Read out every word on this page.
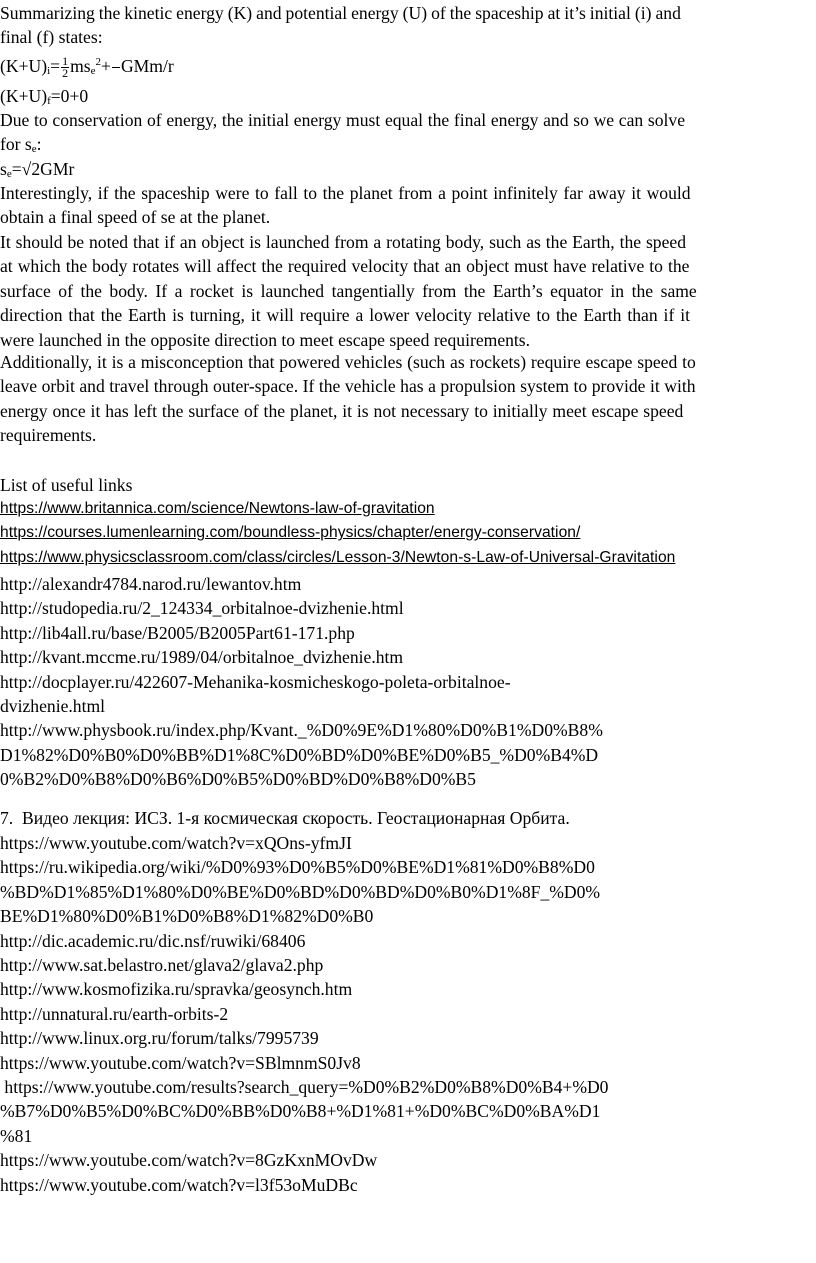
Summarizing the kinetic energy (K) and potential energy (U) of the spaceship at it’s initial (i) and
final (f) states:
$(K+U)i= \frac{1}{2} mse^2+ GMm/r$
(K+U)f=0+0
Due to conservation of energy, the initial energy must equal the final energy and so we can solve
for se:
se=√2GMr
Interestingly, if the spaceship were to fall to the planet from a point infinitely far away it would
obtain a final speed of se at the planet.
It should be noted that if an object is launched from a rotating body, such as the Earth, the speed
at which the body rotates will affect the required velocity that an object must have relative to the
surface of the body. If a rocket is launched tangentially from the Earth’s equator in the same
direction that the Earth is turning, it will require a lower velocity relative to the Earth than if it
were launched in the opposite direction to meet escape speed requirements.
Additionally, it is a misconception that powered vehicles (such as rockets) require escape speed to
leave orbit and travel through outer-space. If the vehicle has a propulsion system to provide it with
energy once it has left the surface of the planet, it is not necessary to initially meet escape speed
requirements.
List of useful links
https://www.britannica.com/science/Newtons-law-of-gravitation
https://courses.lumenlearning.com/boundless-physics/chapter/energy-conservation/
https://www.physicsclassroom.com/class/circles/Lesson-3/Newton-s-Law-of-Universal-Gravitation
http://alexandr4784.narod.ru/lewantov.htm
http://studopedia.ru/2_124334_orbitalnoe-dvizhenie.html
http://lib4all.ru/base/B2005/B2005Part61-171.php
http://kvant.mccme.ru/1989/04/orbitalnoe_dvizhenie.htm
http://docplayer.ru/422607-Mehanika-kosmicheskogo-poleta-orbitalnoe-
dvizhenie.html
http://www.physbook.ru/index.php/Kvant._%D0%9E%D1%80%D0%B1%D0%B8%
D1%82%D0%B0%D0%BB%D1%8C%D0%BD%D0%BE%D0%B5_%D0%B4%D
0%B2%D0%B8%D0%B6%D0%B5%D0%BD%D0%B8%D0%B5
7. Видео лекция: ИСЗ. 1-я космическая скорость. Геостационарная Орбита.
https://www.youtube.com/watch?v=xQOns-yfmJI
https://ru.wikipedia.org/wiki/%D0%93%D0%B5%D0%BE%D1%81%D0%B8%D0
%BD%D1%85%D1%80%D0%BE%D0%BD%D0%BD%D0%B0%D1%8F_%D0%
BE%D1%80%D0%B1%D0%B8%D1%82%D0%B0
http://dic.academic.ru/dic.nsf/ruwiki/68406
http://www.sat.belastro.net/glava2/glava2.php
http://www.kosmofizika.ru/spravka/geosynch.htm
http://unnatural.ru/earth-orbits-2
http://www.linux.org.ru/forum/talks/7995739
https://www.youtube.com/watch?v=SBlmnmS0Jv8
https://www.youtube.com/results?search_query=%D0%B2%D0%B8%D0%B4+%D0
%B7%D0%B5%D0%BC%D0%BB%D0%B8+%D1%81+%D0%BC%D0%BA%D1
%81
https://www.youtube.com/watch?v=8GzKxnMOvDw
https://www.youtube.com/watch?v=l3f53oMuDBc
